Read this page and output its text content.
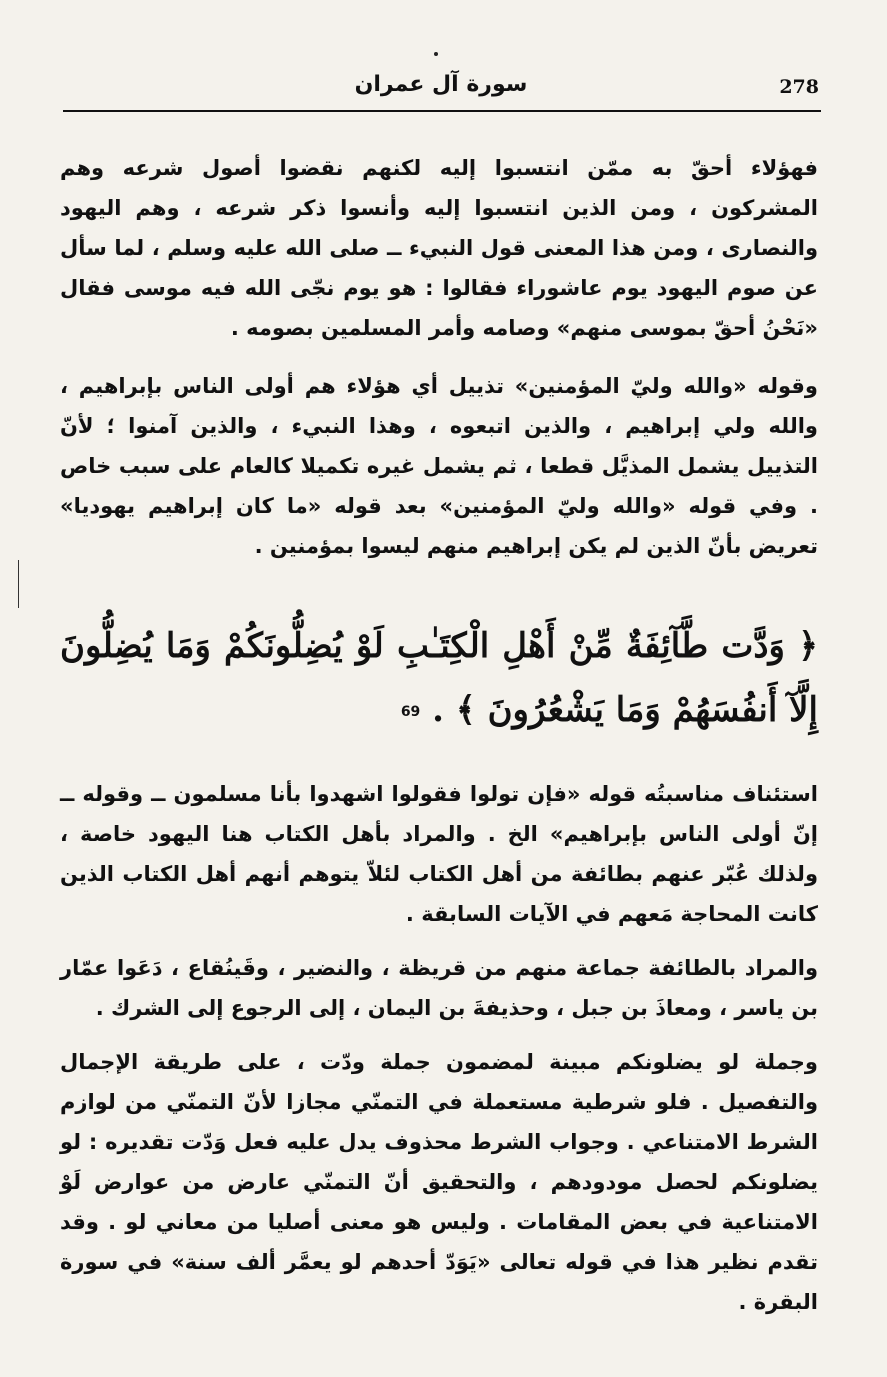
سورة آل عمران	278

فهؤلاء أحقّ به ممّن انتسبوا إليه لكنهم نقضوا أصول شرعه وهم المشركون ، ومن الذين انتسبوا إليه وأنسوا ذكر شرعه ، وهم اليهود والنصارى ، ومن هذا المعنى قول النبيء ــ صلى الله عليه وسلم ، لما سأل عن صوم اليهود يوم عاشوراء فقالوا : هو يوم نجّى الله فيه موسى فقال «نَحْنُ أحقّ بموسى منهم» وصامه وأمر المسلمين بصومه .

وقوله «والله وليّ المؤمنين» تذييل أي هؤلاء هم أولى الناس بإبراهيم ، والله ولي إبراهيم ، والذين اتبعوه ، وهذا النبيء ، والذين آمنوا ؛ لأنّ التذييل يشمل المذيَّل قطعا ، ثم يشمل غيره تكميلا كالعام على سبب خاص . وفي قوله «والله وليّ المؤمنين» بعد قوله «ما كان إبراهيم يهوديا» تعريض بأنّ الذين لم يكن إبراهيم منهم ليسوا بمؤمنين .

﴿ وَدَّت طَّآئِفَةٌ مِّنْ أَهْلِ الْكِتَـٰبِ لَوْ يُضِلُّونَكُمْ وَمَا يُضِلُّونَ إِلَّآ أَنفُسَهُمْ وَمَا يَشْعُرُونَ ﴾ . 69

استئناف مناسبتُه قوله «فإن تولوا فقولوا اشهدوا بأنا مسلمون ــ وقوله ــ إنّ أولى الناس بإبراهيم» الخ . والمراد بأهل الكتاب هنا اليهود خاصة ، ولذلك عُبّر عنهم بطائفة من أهل الكتاب لئلاّ يتوهم أنهم أهل الكتاب الذين كانت المحاجة مَعهم في الآيات السابقة .

والمراد بالطائفة جماعة منهم من قريظة ، والنضير ، وقَينُقاع ، دَعَوا عمّار بن ياسر ، ومعاذَ بن جبل ، وحذيفةَ بن اليمان ، إلى الرجوع إلى الشرك .

وجملة لو يضلونكم مبينة لمضمون جملة ودّت ، على طريقة الإجمال والتفصيل . فلو شرطية مستعملة في التمنّي مجازا لأنّ التمنّي من لوازم الشرط الامتناعي . وجواب الشرط محذوف يدل عليه فعل وَدّت تقديره : لو يضلونكم لحصل مودودهم ، والتحقيق أنّ التمنّي عارض من عوارض لَوْ الامتناعية في بعض المقامات . وليس هو معنى أصليا من معاني لو . وقد تقدم نظير هذا في قوله تعالى «يَوَدّ أحدهم لو يعمَّر ألف سنة» في سورة البقرة .
